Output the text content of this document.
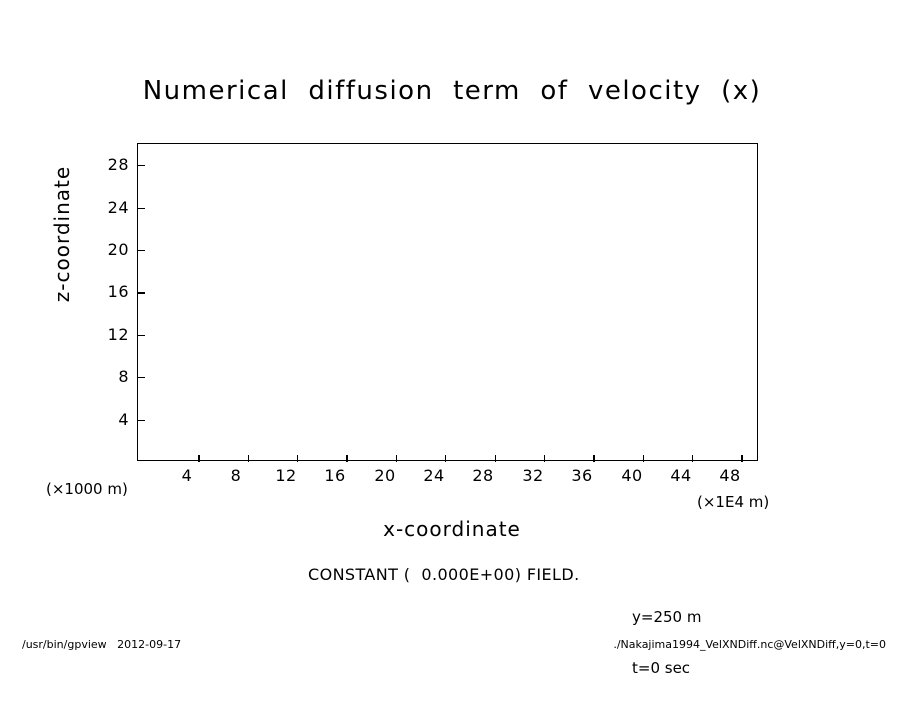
Numerical  diffusion  term  of  velocity  (x)
4	8	12	16	20	24	28	32	36	40	44	48
4
8
12
16
20
24
28
x-coordinate
z-coordinate
(×1000 m)
(×1E4 m)
CONSTANT (  0.000E+00) FIELD.

y=250 m

t=0 sec

/usr/bin/gpview   2012-09-17	./Nakajima1994_VelXNDiff.nc@VelXNDiff,y=0,t=0
